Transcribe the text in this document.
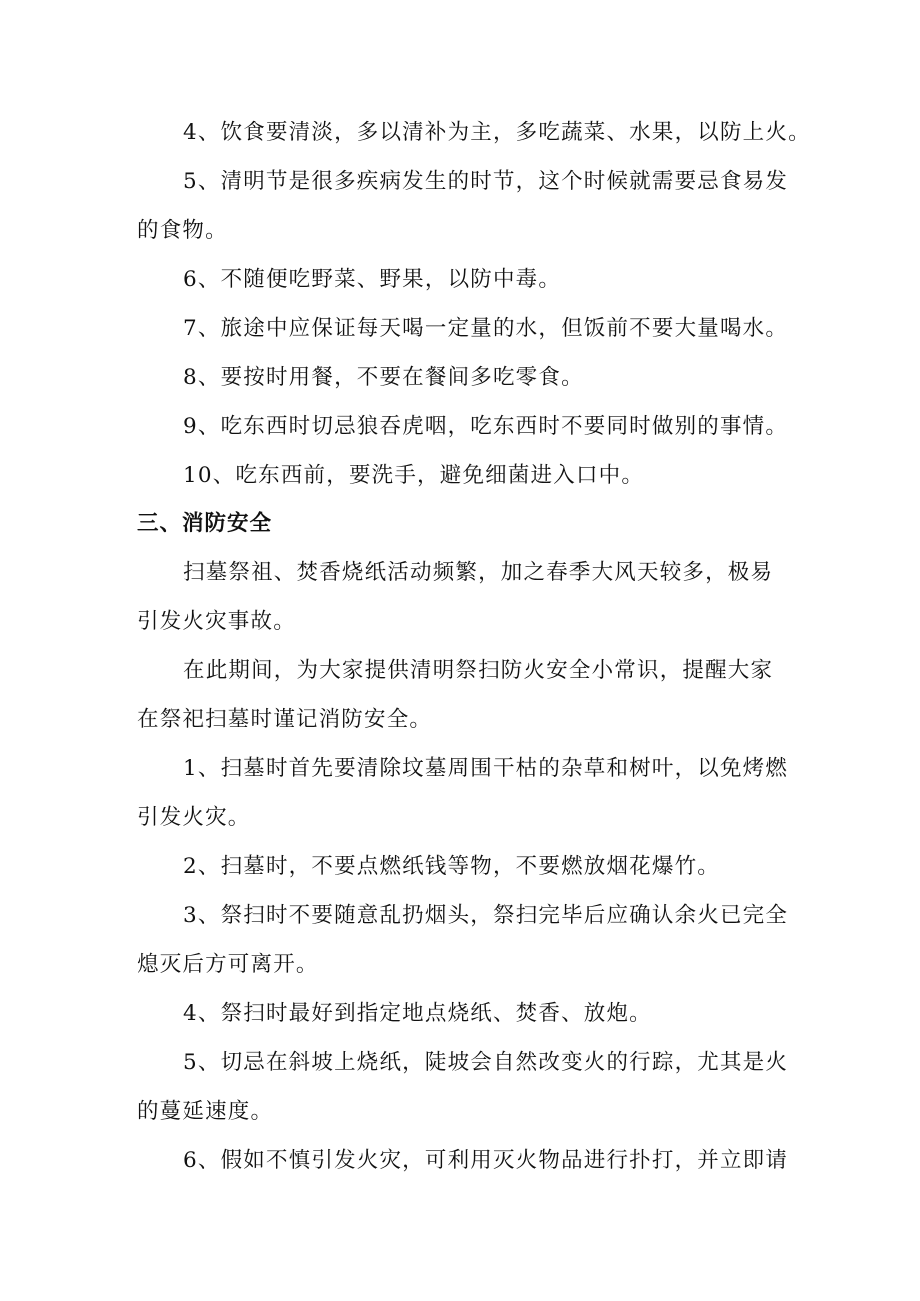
4、饮食要清淡，多以清补为主，多吃蔬菜、水果，以防上火。
5、清明节是很多疾病发生的时节，这个时候就需要忌食易发
的食物。
6、不随便吃野菜、野果，以防中毒。
7、旅途中应保证每天喝一定量的水，但饭前不要大量喝水。
8、要按时用餐，不要在餐间多吃零食。
9、吃东西时切忌狼吞虎咽，吃东西时不要同时做别的事情。
10、吃东西前，要洗手，避免细菌进入口中。
三、消防安全
扫墓祭祖、焚香烧纸活动频繁，加之春季大风天较多，极易
引发火灾事故。
在此期间，为大家提供清明祭扫防火安全小常识，提醒大家
在祭祀扫墓时谨记消防安全。
1、扫墓时首先要清除坟墓周围干枯的杂草和树叶，以免烤燃
引发火灾。
2、扫墓时，不要点燃纸钱等物，不要燃放烟花爆竹。
3、祭扫时不要随意乱扔烟头，祭扫完毕后应确认余火已完全
熄灭后方可离开。
4、祭扫时最好到指定地点烧纸、焚香、放炮。
5、切忌在斜坡上烧纸，陡坡会自然改变火的行踪，尤其是火
的蔓延速度。
6、假如不慎引发火灾，可利用灭火物品进行扑打，并立即请
